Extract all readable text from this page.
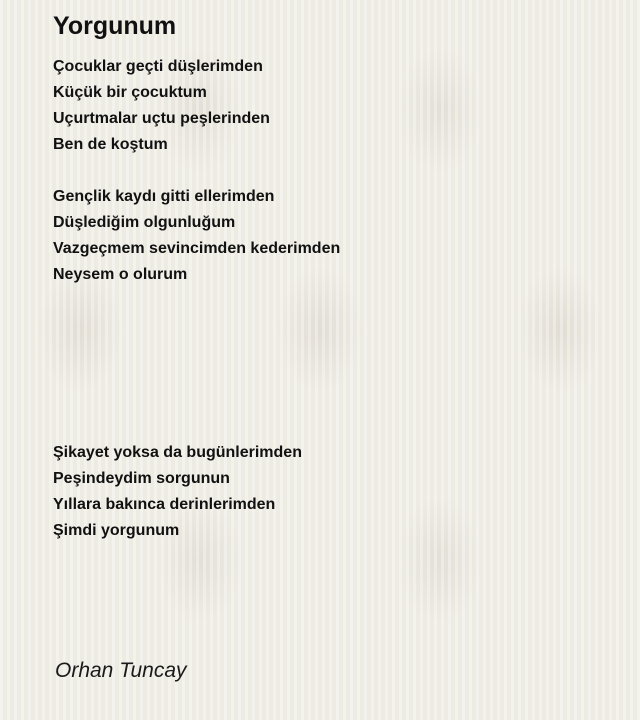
Yorgunum
Çocuklar geçti düşlerimden
Küçük bir çocuktum
Uçurtmalar uçtu peşlerinden
Ben de koştum
Gençlik kaydı gitti ellerimden
Düşlediğim olgunluğum
Vazgeçmem sevincimden kederimden
Neysem o olurum
Şikayet yoksa da bugünlerimden
Peşindeydim sorgunun
Yıllara bakınca derinlerimden
Şimdi yorgunum

Orhan Tuncay
